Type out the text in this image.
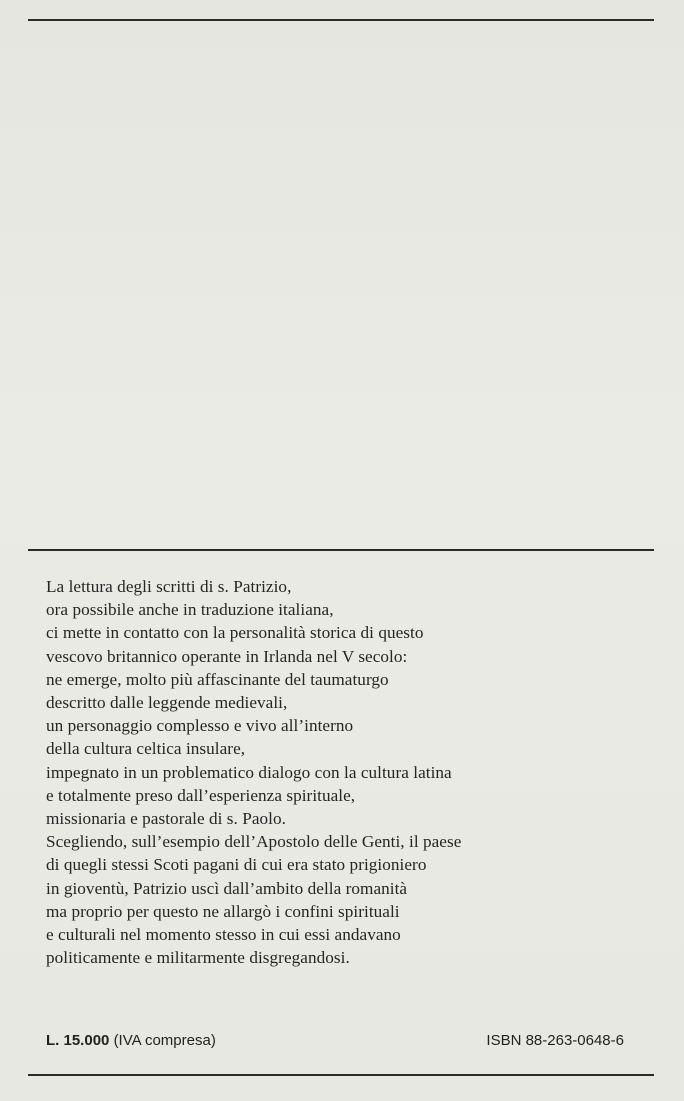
La lettura degli scritti di s. Patrizio,
ora possibile anche in traduzione italiana,
ci mette in contatto con la personalità storica di questo
vescovo britannico operante in Irlanda nel V secolo:
ne emerge, molto più affascinante del taumaturgo
descritto dalle leggende medievali,
un personaggio complesso e vivo all’interno
della cultura celtica insulare,
impegnato in un problematico dialogo con la cultura latina
e totalmente preso dall’esperienza spirituale,
missionaria e pastorale di s. Paolo.
Scegliendo, sull’esempio dell’Apostolo delle Genti, il paese
di quegli stessi Scoti pagani di cui era stato prigioniero
in gioventù, Patrizio uscì dall’ambito della romanità
ma proprio per questo ne allargò i confini spirituali
e culturali nel momento stesso in cui essi andavano
politicamente e militarmente disgregandosi.
L. 15.000 (IVA compresa)	ISBN 88-263-0648-6
